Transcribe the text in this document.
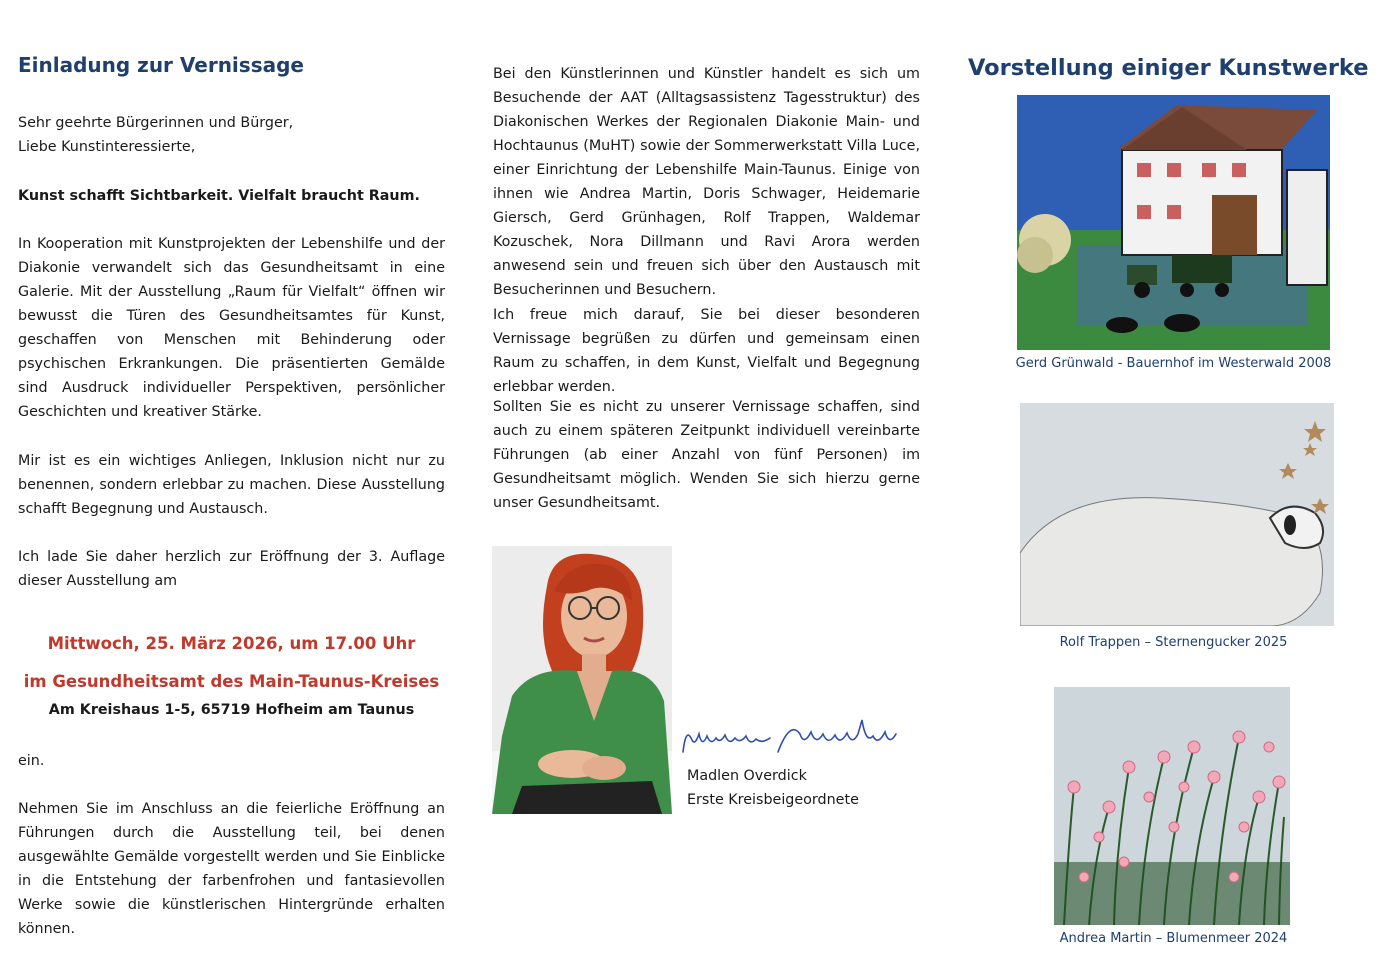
Einladung zur Vernissage

Sehr geehrte Bürgerinnen und Bürger,

Liebe Kunstinteressierte,

Kunst schafft Sichtbarkeit. Vielfalt braucht Raum.

In Kooperation mit Kunstprojekten der Lebenshilfe und der Diakonie verwandelt sich das Gesundheitsamt in eine Galerie. Mit der Ausstellung „Raum für Vielfalt“ öffnen wir bewusst die Türen des Gesundheitsamtes für Kunst, geschaffen von Menschen mit Behinderung oder psychischen Erkrankungen. Die präsentierten Gemälde sind Ausdruck individueller Perspektiven, persönlicher Geschichten und kreativer Stärke.

Mir ist es ein wichtiges Anliegen, Inklusion nicht nur zu benennen, sondern erlebbar zu machen. Diese Ausstellung schafft Begegnung und Austausch.

Ich lade Sie daher herzlich zur Eröffnung der 3. Auflage dieser Ausstellung am

Mittwoch, 25. März 2026, um 17.00 Uhr

im Gesundheitsamt des Main-Taunus-Kreises

Am Kreishaus 1-5, 65719 Hofheim am Taunus

ein.

Nehmen Sie im Anschluss an die feierliche Eröffnung an Führungen durch die Ausstellung teil, bei denen ausgewählte Gemälde vorgestellt werden und Sie Einblicke in die Entstehung der farbenfrohen und fantasievollen Werke sowie die künstlerischen Hintergründe erhalten können.

Bei den Künstlerinnen und Künstler handelt es sich um Besuchende der AAT (Alltagsassistenz Tagesstruktur) des Diakonischen Werkes der Regionalen Diakonie Main- und Hochtaunus (MuHT) sowie der Sommerwerkstatt Villa Luce, einer Einrichtung der Lebenshilfe Main-Taunus. Einige von ihnen wie Andrea Martin, Doris Schwager, Heidemarie Giersch, Gerd Grünhagen, Rolf Trappen, Waldemar Kozuschek, Nora Dillmann und Ravi Arora werden anwesend sein und freuen sich über den Austausch mit Besucherinnen und Besuchern.

Ich freue mich darauf, Sie bei dieser besonderen Vernissage begrüßen zu dürfen und gemeinsam einen Raum zu schaffen, in dem Kunst, Vielfalt und Begegnung erlebbar werden.

Sollten Sie es nicht zu unserer Vernissage schaffen, sind auch zu einem späteren Zeitpunkt individuell vereinbarte Führungen (ab einer Anzahl von fünf Personen) im Gesundheitsamt möglich. Wenden Sie sich hierzu gerne unser Gesundheitsamt.

Madlen Overdick

Erste Kreisbeigeordnete

Vorstellung einiger Kunstwerke
Gerd Grünwald - Bauernhof im Westerwald 2008
Rolf Trappen – Sternengucker 2025
Andrea Martin – Blumenmeer 2024
